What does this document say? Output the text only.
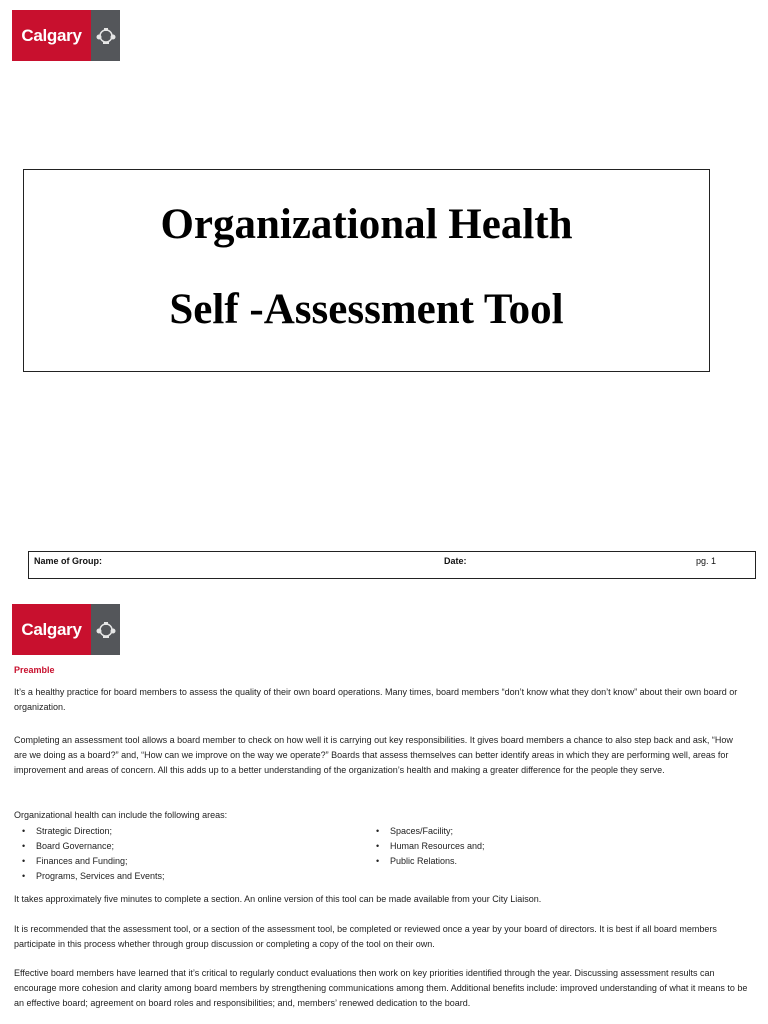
Calgary
Organizational Health
Self -Assessment Tool
Name of Group:	Date:	pg. 1
Calgary
Preamble

It’s a healthy practice for board members to assess the quality of their own board operations. Many times, board members “don’t know what they don’t know” about their own board or organization.

Completing an assessment tool allows a board member to check on how well it is carrying out key responsibilities. It gives board members a chance to also step back and ask, “How are we doing as a board?” and, “How can we improve on the way we operate?” Boards that assess themselves can better identify areas in which they are performing well, areas for improvement and areas of concern. All this adds up to a better understanding of the organization’s health and making a greater difference for the people they serve.

Organizational health can include the following areas:

•	Strategic Direction;
•	Board Governance;
•	Finances and Funding;
•	Programs, Services and Events;
•	Spaces/Facility;
•	Human Resources and;
•	Public Relations.

It takes approximately five minutes to complete a section. An online version of this tool can be made available from your City Liaison.

It is recommended that the assessment tool, or a section of the assessment tool, be completed or reviewed once a year by your board of directors. It is best if all board members participate in this process whether through group discussion or completing a copy of the tool on their own.

Effective board members have learned that it’s critical to regularly conduct evaluations then work on key priorities identified through the year. Discussing assessment results can encourage more cohesion and clarity among board members by strengthening communications among them. Additional benefits include: improved understanding of what it means to be an effective board; agreement on board roles and responsibilities; and, members’ renewed dedication to the board.
